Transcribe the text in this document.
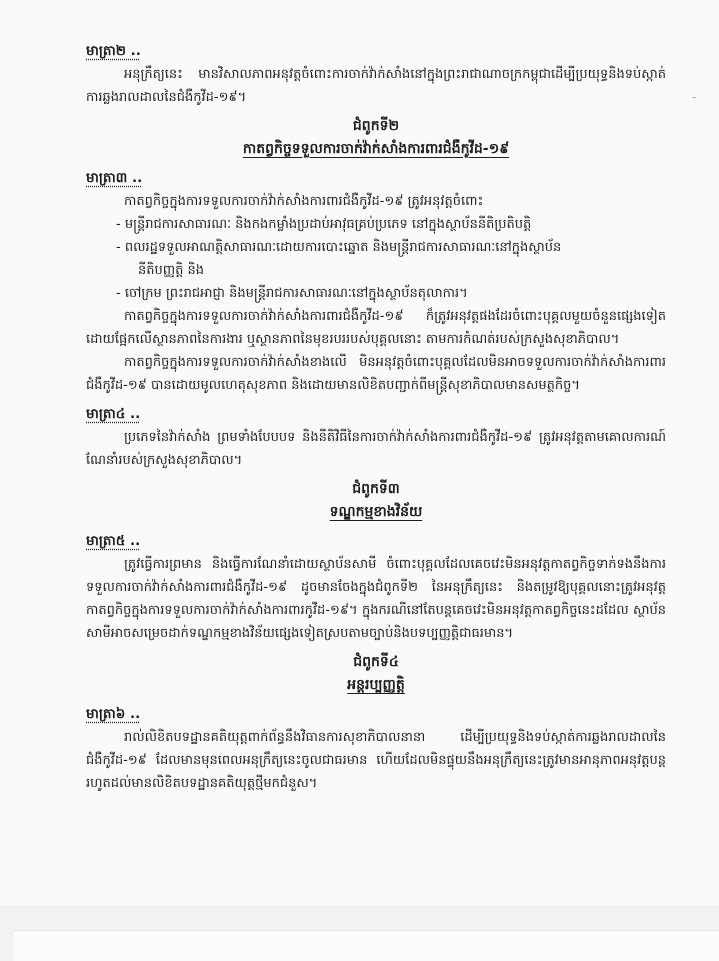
-
មាត្រា២ ..

អនុក្រឹត្យនេះ មានវិសាលភាពអនុវត្តចំពោះការចាក់វ៉ាក់សាំងនៅក្នុងព្រះរាជាណាចក្រកម្ពុជាដើម្បីប្រយុទ្ធនិងទប់ស្កាត់ការឆ្លងរាលដាលនៃជំងឺកូវីដ-១៩។

ជំពូកទី២
កាតព្វកិច្ចទទួលការចាក់វ៉ាក់សាំងការពារជំងឺកូវីដ-១៩
មាត្រា៣ ..

កាតព្វកិច្ចក្នុងការទទួលការចាក់វ៉ាក់សាំងការពារជំងឺកូវីដ-១៩ ត្រូវអនុវត្តចំពោះ

- មន្ត្រីរាជការសាធារណៈ និងកងកម្លាំងប្រដាប់អាវុធគ្រប់ប្រភេទ នៅក្នុងស្ថាប័ននីតិប្រតិបត្តិ

- ពលរដ្ឋទទួលអាណត្តិសាធារណៈដោយការបោះឆ្នោត និងមន្ត្រីរាជការសាធារណៈនៅក្នុងស្ថាប័ន

នីតិបញ្ញត្តិ និង

- ចៅក្រម ព្រះរាជអាជ្ញា និងមន្ត្រីរាជការសាធារណៈនៅក្នុងស្ថាប័នតុលាការ។

កាតព្វកិច្ចក្នុងការទទួលការចាក់វ៉ាក់សាំងការពារជំងឺកូវីដ-១៩ ក៏ត្រូវអនុវត្តផងដែរចំពោះបុគ្គលមួយចំនួនផ្សេងទៀត ដោយផ្អែកលើស្ថានភាពនៃការងារ ឬស្ថានភាពនៃមុខរបររបស់បុគ្គលនោះ តាមការកំណត់របស់ក្រសួងសុខាភិបាល។

កាតព្វកិច្ចក្នុងការទទួលការចាក់វ៉ាក់សាំងខាងលើ មិនអនុវត្តចំពោះបុគ្គលដែលមិនអាចទទួលការចាក់វ៉ាក់សាំងការពារជំងឺកូវីដ-១៩ បានដោយមូលហេតុសុខភាព និងដោយមានលិខិតបញ្ជាក់ពីមន្ត្រីសុខាភិបាលមានសមត្ថកិច្ច។

មាត្រា៤ ..

ប្រភេទនៃវ៉ាក់សាំង ព្រមទាំងបែបបទ និងនីតិវិធីនៃការចាក់វ៉ាក់សាំងការពារជំងឺកូវីដ-១៩ ត្រូវអនុវត្តតាមគោលការណ៍ណែនាំរបស់ក្រសួងសុខាភិបាល។

ជំពូកទី៣
ទណ្ឌកម្មខាងវិន័យ
មាត្រា៥ ..

ត្រូវធ្វើការព្រមាន និងធ្វើការណែនាំដោយស្ថាប័នសាមី ចំពោះបុគ្គលដែលគេចវេះមិនអនុវត្តកាតព្វកិច្ចទាក់ទងនឹងការទទួលការចាក់វ៉ាក់សាំងការពារជំងឺកូវីដ-១៩ ដូចមានចែងក្នុងជំពូកទី២ នៃអនុក្រឹត្យនេះ និងតម្រូវឱ្យបុគ្គលនោះត្រូវអនុវត្តកាតព្វកិច្ចក្នុងការទទួលការចាក់វ៉ាក់សាំងការពារកូវីដ-១៩។ ក្នុងករណីនៅតែបន្តគេចវេះមិនអនុវត្តកាតព្វកិច្ចនេះដដែល ស្ថាប័នសាមីអាចសម្រេចដាក់ទណ្ឌកម្មខាងវិន័យផ្សេងទៀតស្របតាមច្បាប់និងបទប្បញ្ញត្តិជាធរមាន។

ជំពូកទី៤
អន្តរប្បញ្ញត្តិ
មាត្រា៦ ..

រាល់លិខិតបទដ្ឋានគតិយុត្តពាក់ព័ន្ធនឹងវិធានការសុខាភិបាលនានា ដើម្បីប្រយុទ្ធនិងទប់ស្កាត់ការឆ្លងរាលដាលនៃជំងឺកូវីដ-១៩ ដែលមានមុនពេលអនុក្រឹត្យនេះចូលជាធរមាន ហើយដែលមិនផ្ទុយនឹងអនុក្រឹត្យនេះត្រូវមានអានុភាពអនុវត្តបន្តរហូតដល់មានលិខិតបទដ្ឋានគតិយុត្តថ្មីមកជំនួស។
